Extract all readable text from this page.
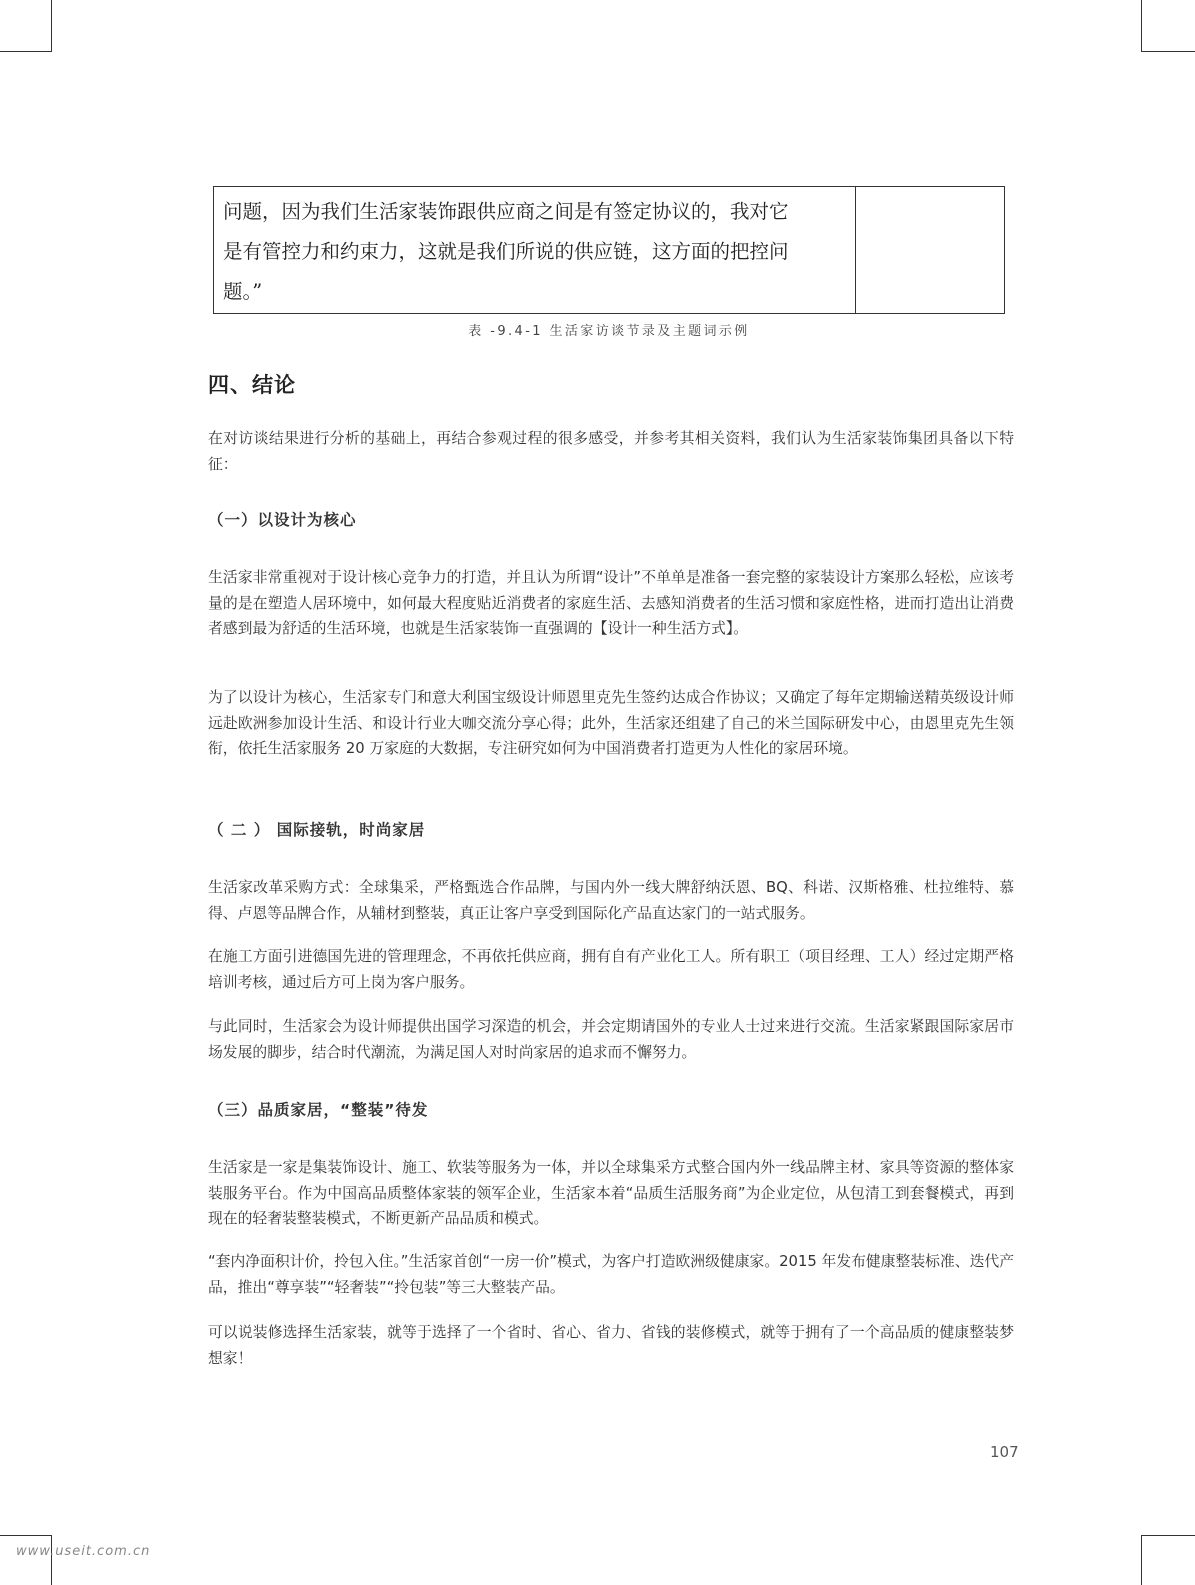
问题，因为我们生活家装饰跟供应商之间是有签定协议的，我对它
是有管控力和约束力，这就是我们所说的供应链，这方面的把控问
题。”
表 -9.4-1 生活家访谈节录及主题词示例
四、结论

在对访谈结果进行分析的基础上，再结合参观过程的很多感受，并参考其相关资料，我们认为生活家装饰集团具备以下特征：

（一）以设计为核心

生活家非常重视对于设计核心竞争力的打造，并且认为所谓“设计”不单单是准备一套完整的家装设计方案那么轻松，应该考量的是在塑造人居环境中，如何最大程度贴近消费者的家庭生活、去感知消费者的生活习惯和家庭性格，进而打造出让消费者感到最为舒适的生活环境，也就是生活家装饰一直强调的【设计一种生活方式】。

为了以设计为核心，生活家专门和意大利国宝级设计师恩里克先生签约达成合作协议；又确定了每年定期输送精英级设计师远赴欧洲参加设计生活、和设计行业大咖交流分享心得；此外，生活家还组建了自己的米兰国际研发中心，由恩里克先生领衔，依托生活家服务 20 万家庭的大数据，专注研究如何为中国消费者打造更为人性化的家居环境。

（ 二 ） 国际接轨，时尚家居

生活家改革采购方式：全球集采，严格甄选合作品牌，与国内外一线大牌舒纳沃恩、BQ、科诺、汉斯格雅、杜拉维特、慕得、卢恩等品牌合作，从辅材到整装，真正让客户享受到国际化产品直达家门的一站式服务。

在施工方面引进德国先进的管理理念，不再依托供应商，拥有自有产业化工人。所有职工（项目经理、工人）经过定期严格培训考核，通过后方可上岗为客户服务。

与此同时，生活家会为设计师提供出国学习深造的机会，并会定期请国外的专业人士过来进行交流。生活家紧跟国际家居市场发展的脚步，结合时代潮流，为满足国人对时尚家居的追求而不懈努力。

（三）品质家居，“整装”待发

生活家是一家是集装饰设计、施工、软装等服务为一体，并以全球集采方式整合国内外一线品牌主材、家具等资源的整体家装服务平台。作为中国高品质整体家装的领军企业，生活家本着“品质生活服务商”为企业定位，从包清工到套餐模式，再到现在的轻奢装整装模式，不断更新产品品质和模式。

“套内净面积计价，拎包入住。”生活家首创“一房一价”模式，为客户打造欧洲级健康家。2015 年发布健康整装标准、迭代产品，推出“尊享装”“轻奢装”“拎包装”等三大整装产品。

可以说装修选择生活家装，就等于选择了一个省时、省心、省力、省钱的装修模式，就等于拥有了一个高品质的健康整装梦想家！

107
www.useit.com.cn
